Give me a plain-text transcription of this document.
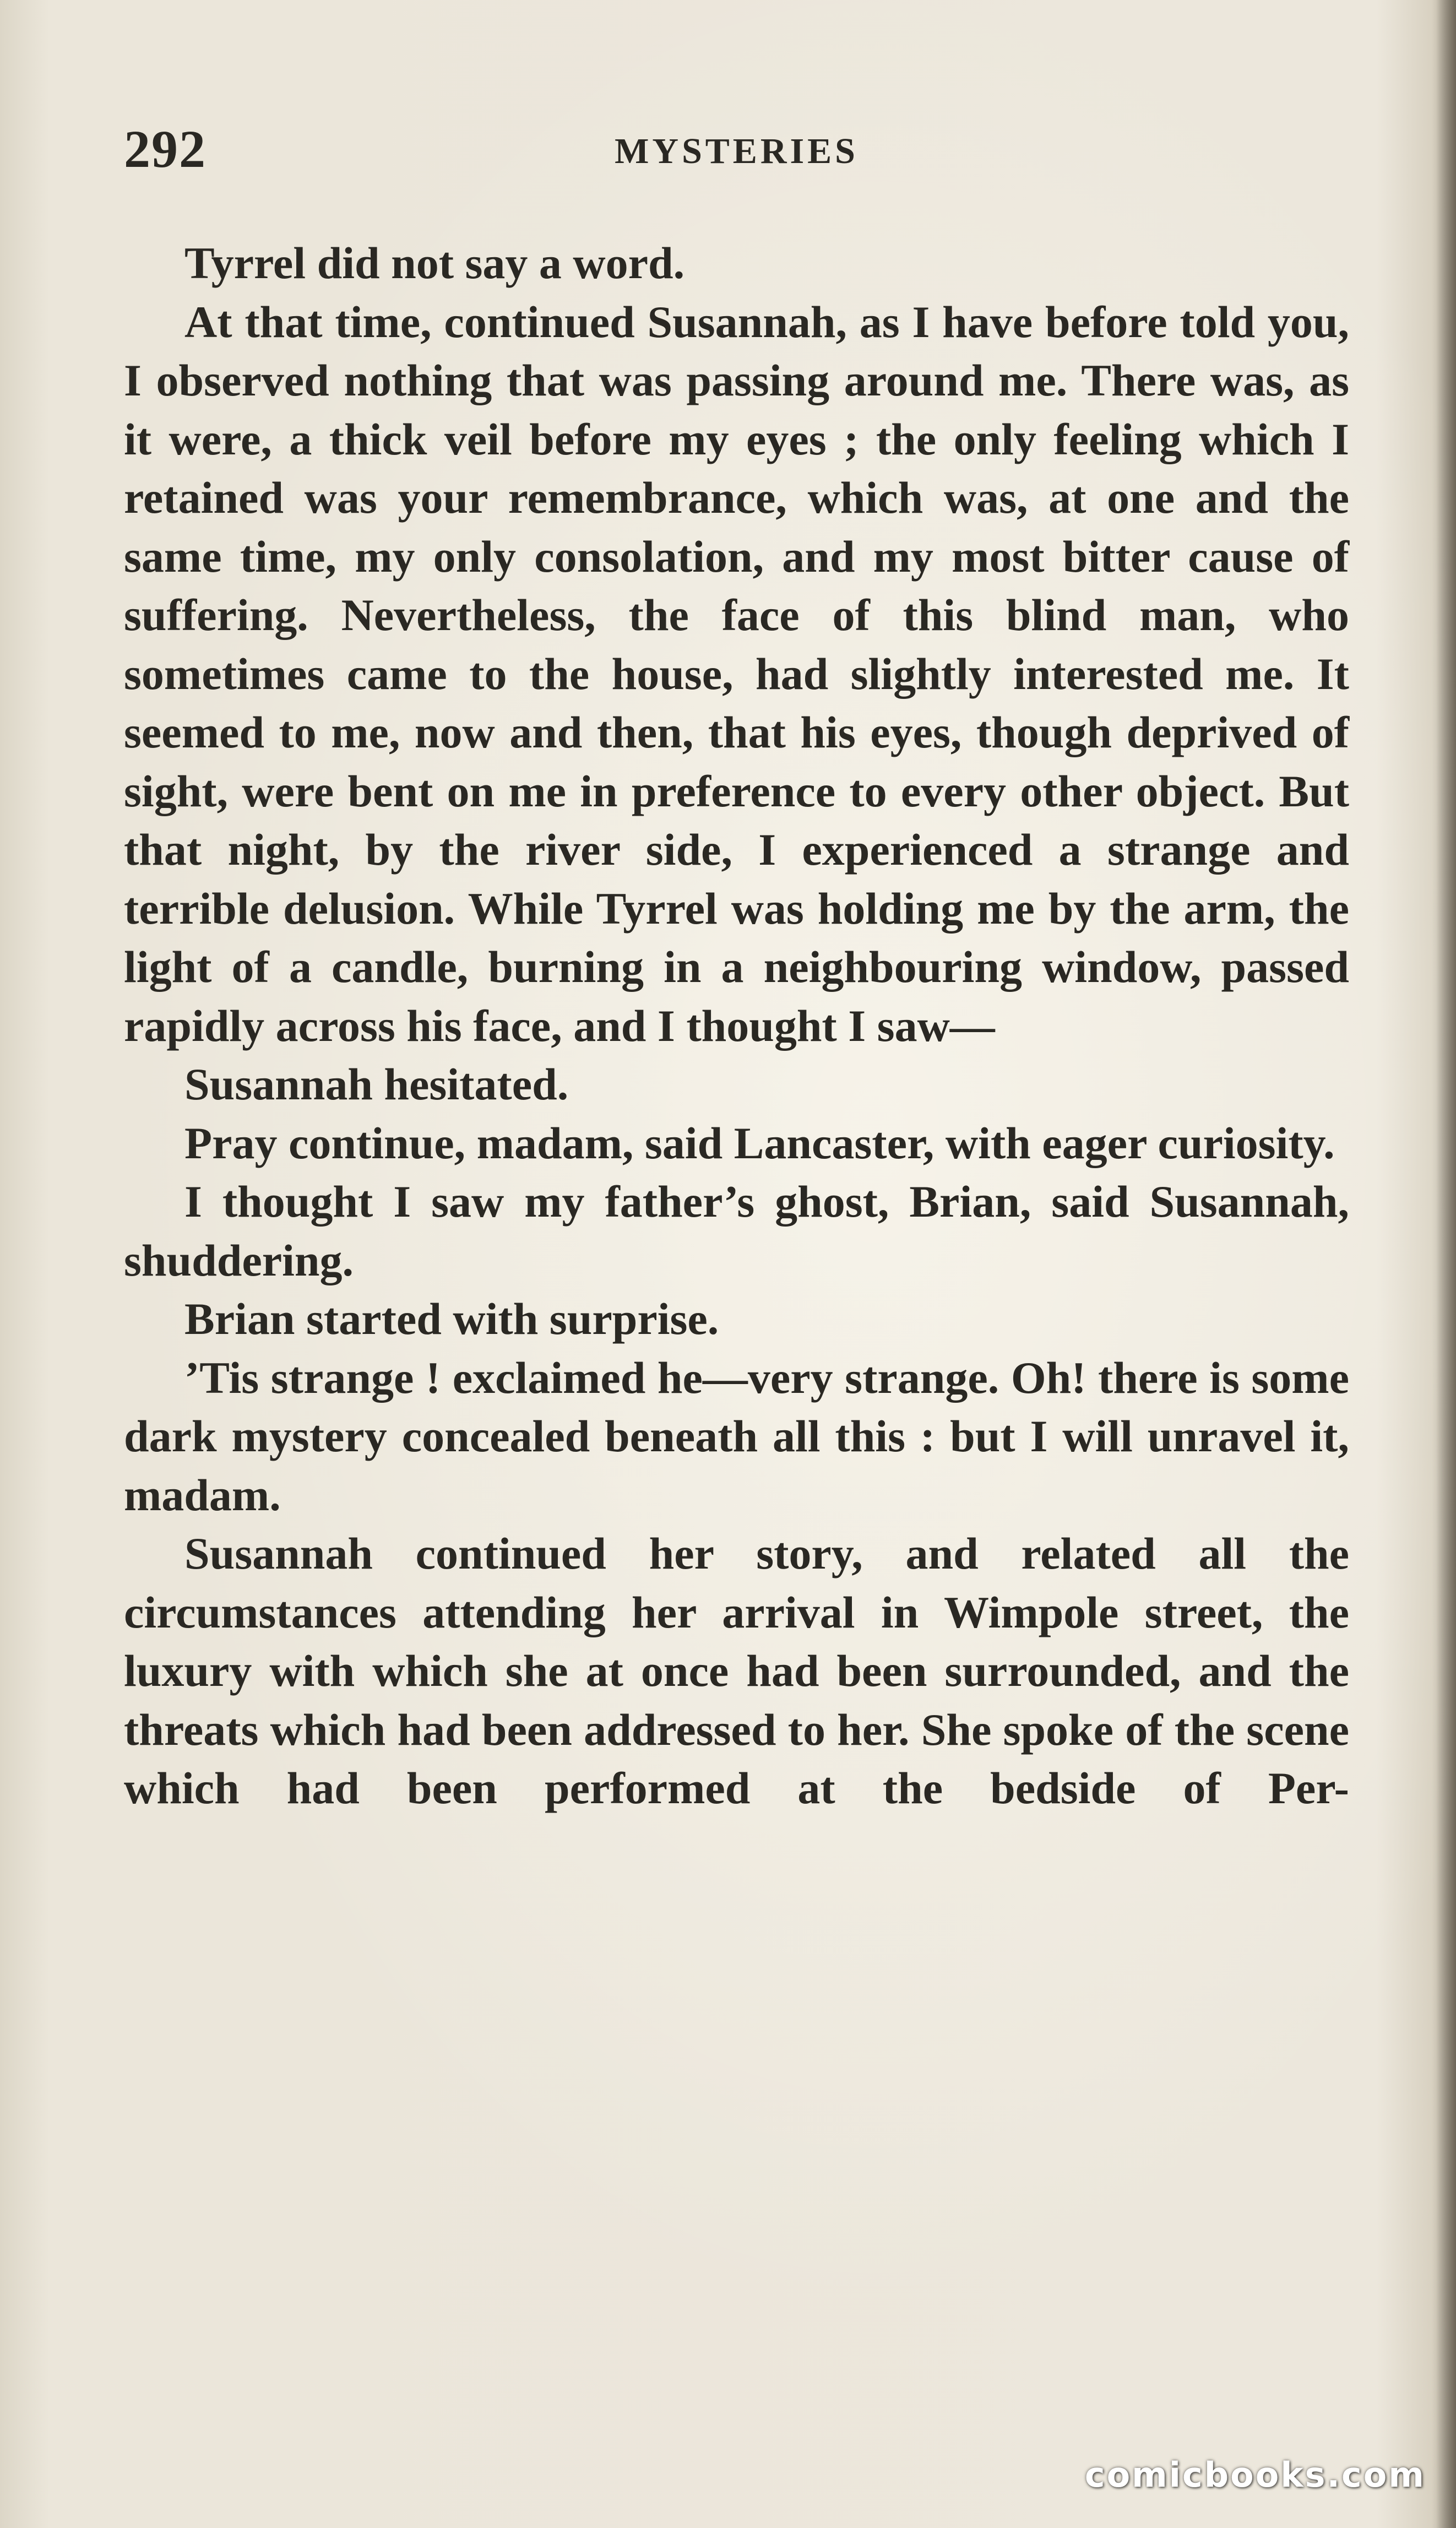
292	MYSTERIES

Tyrrel did not say a word.

At that time, continued Susannah, as I have before told you, I observed nothing that was passing around me. There was, as it were, a thick veil before my eyes ; the only feeling which I retained was your remembrance, which was, at one and the same time, my only consolation, and my most bitter cause of suffering. Nevertheless, the face of this blind man, who sometimes came to the house, had slightly interested me. It seemed to me, now and then, that his eyes, though deprived of sight, were bent on me in preference to every other object. But that night, by the river side, I experienced a strange and terrible delusion. While Tyrrel was holding me by the arm, the light of a candle, burning in a neighbouring window, passed rapidly across his face, and I thought I saw—

Susannah hesitated.

Pray continue, madam, said Lancaster, with eager curiosity.

I thought I saw my father’s ghost, Brian, said Susannah, shuddering.

Brian started with surprise.

’Tis strange ! exclaimed he—very strange. Oh! there is some dark mystery concealed beneath all this : but I will unravel it, madam.

Susannah continued her story, and related all the circumstances attending her arrival in Wimpole street, the luxury with which she at once had been surrounded, and the threats which had been addressed to her. She spoke of the scene which had been performed at the bedside of Per-

comicbooks.com
